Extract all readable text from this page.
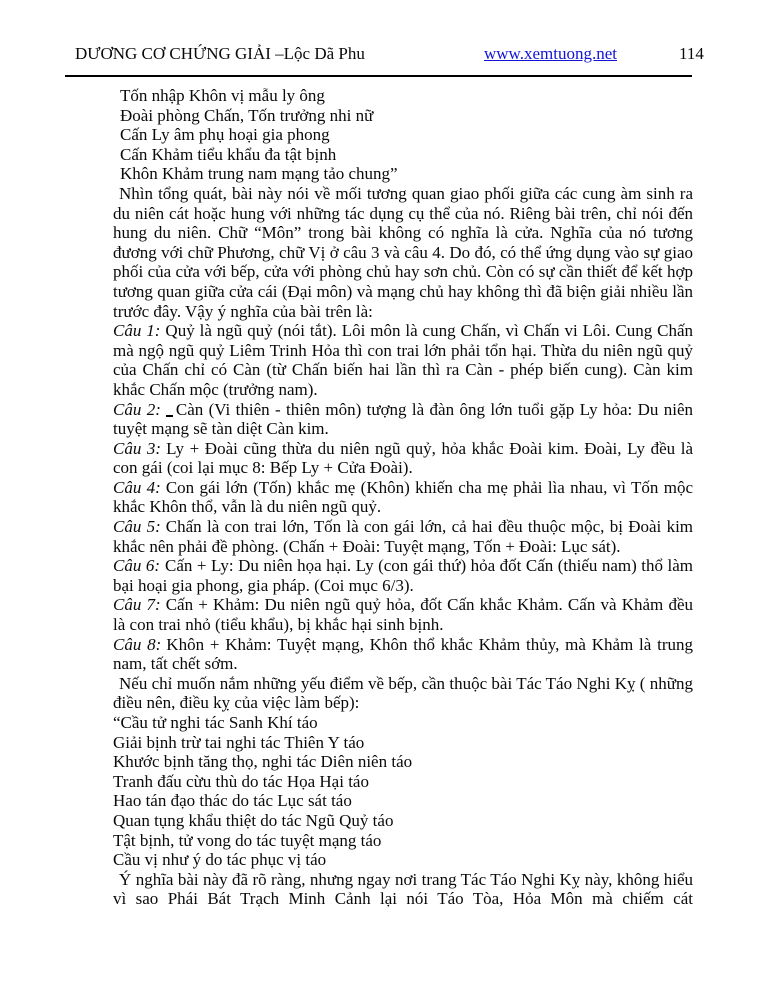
DƯƠNG CƠ CHỨNG GIẢI –Lộc Dã Phu	www.xemtuong.net	114
Tốn nhập Khôn vị mẫu ly ông
Đoài phòng Chấn, Tốn trưởng nhi nữ
Cấn Ly âm phụ hoại gia phong
Cấn Khảm tiểu khẩu đa tật bịnh
Khôn Khảm trung nam mạng tảo chung”

Nhìn tổng quát, bài này nói về mối tương quan giao phối giữa các cung àm sinh ra du niên cát hoặc hung với những tác dụng cụ thể của nó. Riêng bài trên, chỉ nói đến hung du niên. Chữ “Môn” trong bài không có nghĩa là cửa. Nghĩa của nó tương đương với chữ Phương, chữ Vị ở câu 3 và câu 4. Do đó, có thể ứng dụng vào sự giao phối của cửa với bếp, cửa với phòng chủ hay sơn chủ. Còn có sự cần thiết để kết hợp tương quan giữa cửa cái (Đại môn) và mạng chủ hay không thì đã biện giải nhiều lần trước đây. Vậy ý nghĩa của bài trên là:

Câu 1: Quỷ là ngũ quỷ (nói tắt). Lôi môn là cung Chấn, vì Chấn vi Lôi. Cung Chấn mà ngộ ngũ quỷ Liêm Trinh Hỏa thì con trai lớn phải tổn hại. Thừa du niên ngũ quỷ của Chấn chỉ có Càn (từ Chấn biến hai lần thì ra Càn - phép biến cung). Càn kim khắc Chấn mộc (trưởng nam).

Câu 2: Càn (Vi thiên - thiên môn) tượng là đàn ông lớn tuổi gặp Ly hỏa: Du niên tuyệt mạng sẽ tàn diệt Càn kim.

Câu 3: Ly + Đoài cũng thừa du niên ngũ quỷ, hỏa khắc Đoài kim. Đoài, Ly đều là con gái (coi lại mục 8: Bếp Ly + Cửa Đoài).

Câu 4: Con gái lớn (Tốn) khắc mẹ (Khôn) khiến cha mẹ phải lìa nhau, vì Tốn mộc khắc Khôn thổ, vẫn là du niên ngũ quỷ.

Câu 5: Chấn là con trai lớn, Tốn là con gái lớn, cả hai đều thuộc mộc, bị Đoài kim khắc nên phải đề phòng. (Chấn + Đoài: Tuyệt mạng, Tốn + Đoài: Lục sát).

Câu 6: Cấn + Ly: Du niên họa hại. Ly (con gái thứ) hỏa đốt Cấn (thiếu nam) thổ làm bại hoại gia phong, gia pháp. (Coi mục 6/3).

Câu 7: Cấn + Khảm: Du niên ngũ quỷ hỏa, đốt Cấn khắc Khảm. Cấn và Khảm đều là con trai nhỏ (tiểu khẩu), bị khắc hại sinh bịnh.

Câu 8: Khôn + Khảm: Tuyệt mạng, Khôn thổ khắc Khảm thủy, mà Khảm là trung nam, tất chết sớm.

Nếu chỉ muốn nắm những yếu điểm về bếp, cần thuộc bài Tác Táo Nghi Kỵ ( những điều nên, điều kỵ của việc làm bếp):

“Cầu tử nghi tác Sanh Khí táo
Giải bịnh trừ tai nghi tác Thiên Y táo
Khước bịnh tăng thọ, nghi tác Diên niên táo
Tranh đấu cừu thù do tác Họa Hại táo
Hao tán đạo thác do tác Lục sát táo
Quan tụng khẩu thiệt do tác Ngũ Quỷ táo
Tật bịnh, tử vong do tác tuyệt mạng táo
Cầu vị như ý do tác phục vị táo

Ý nghĩa bài này đã rõ ràng, nhưng ngay nơi trang Tác Táo Nghi Kỵ này, không hiểu vì sao Phái Bát Trạch Minh Cảnh lại nói Táo Tòa, Hỏa Môn mà chiếm cát
